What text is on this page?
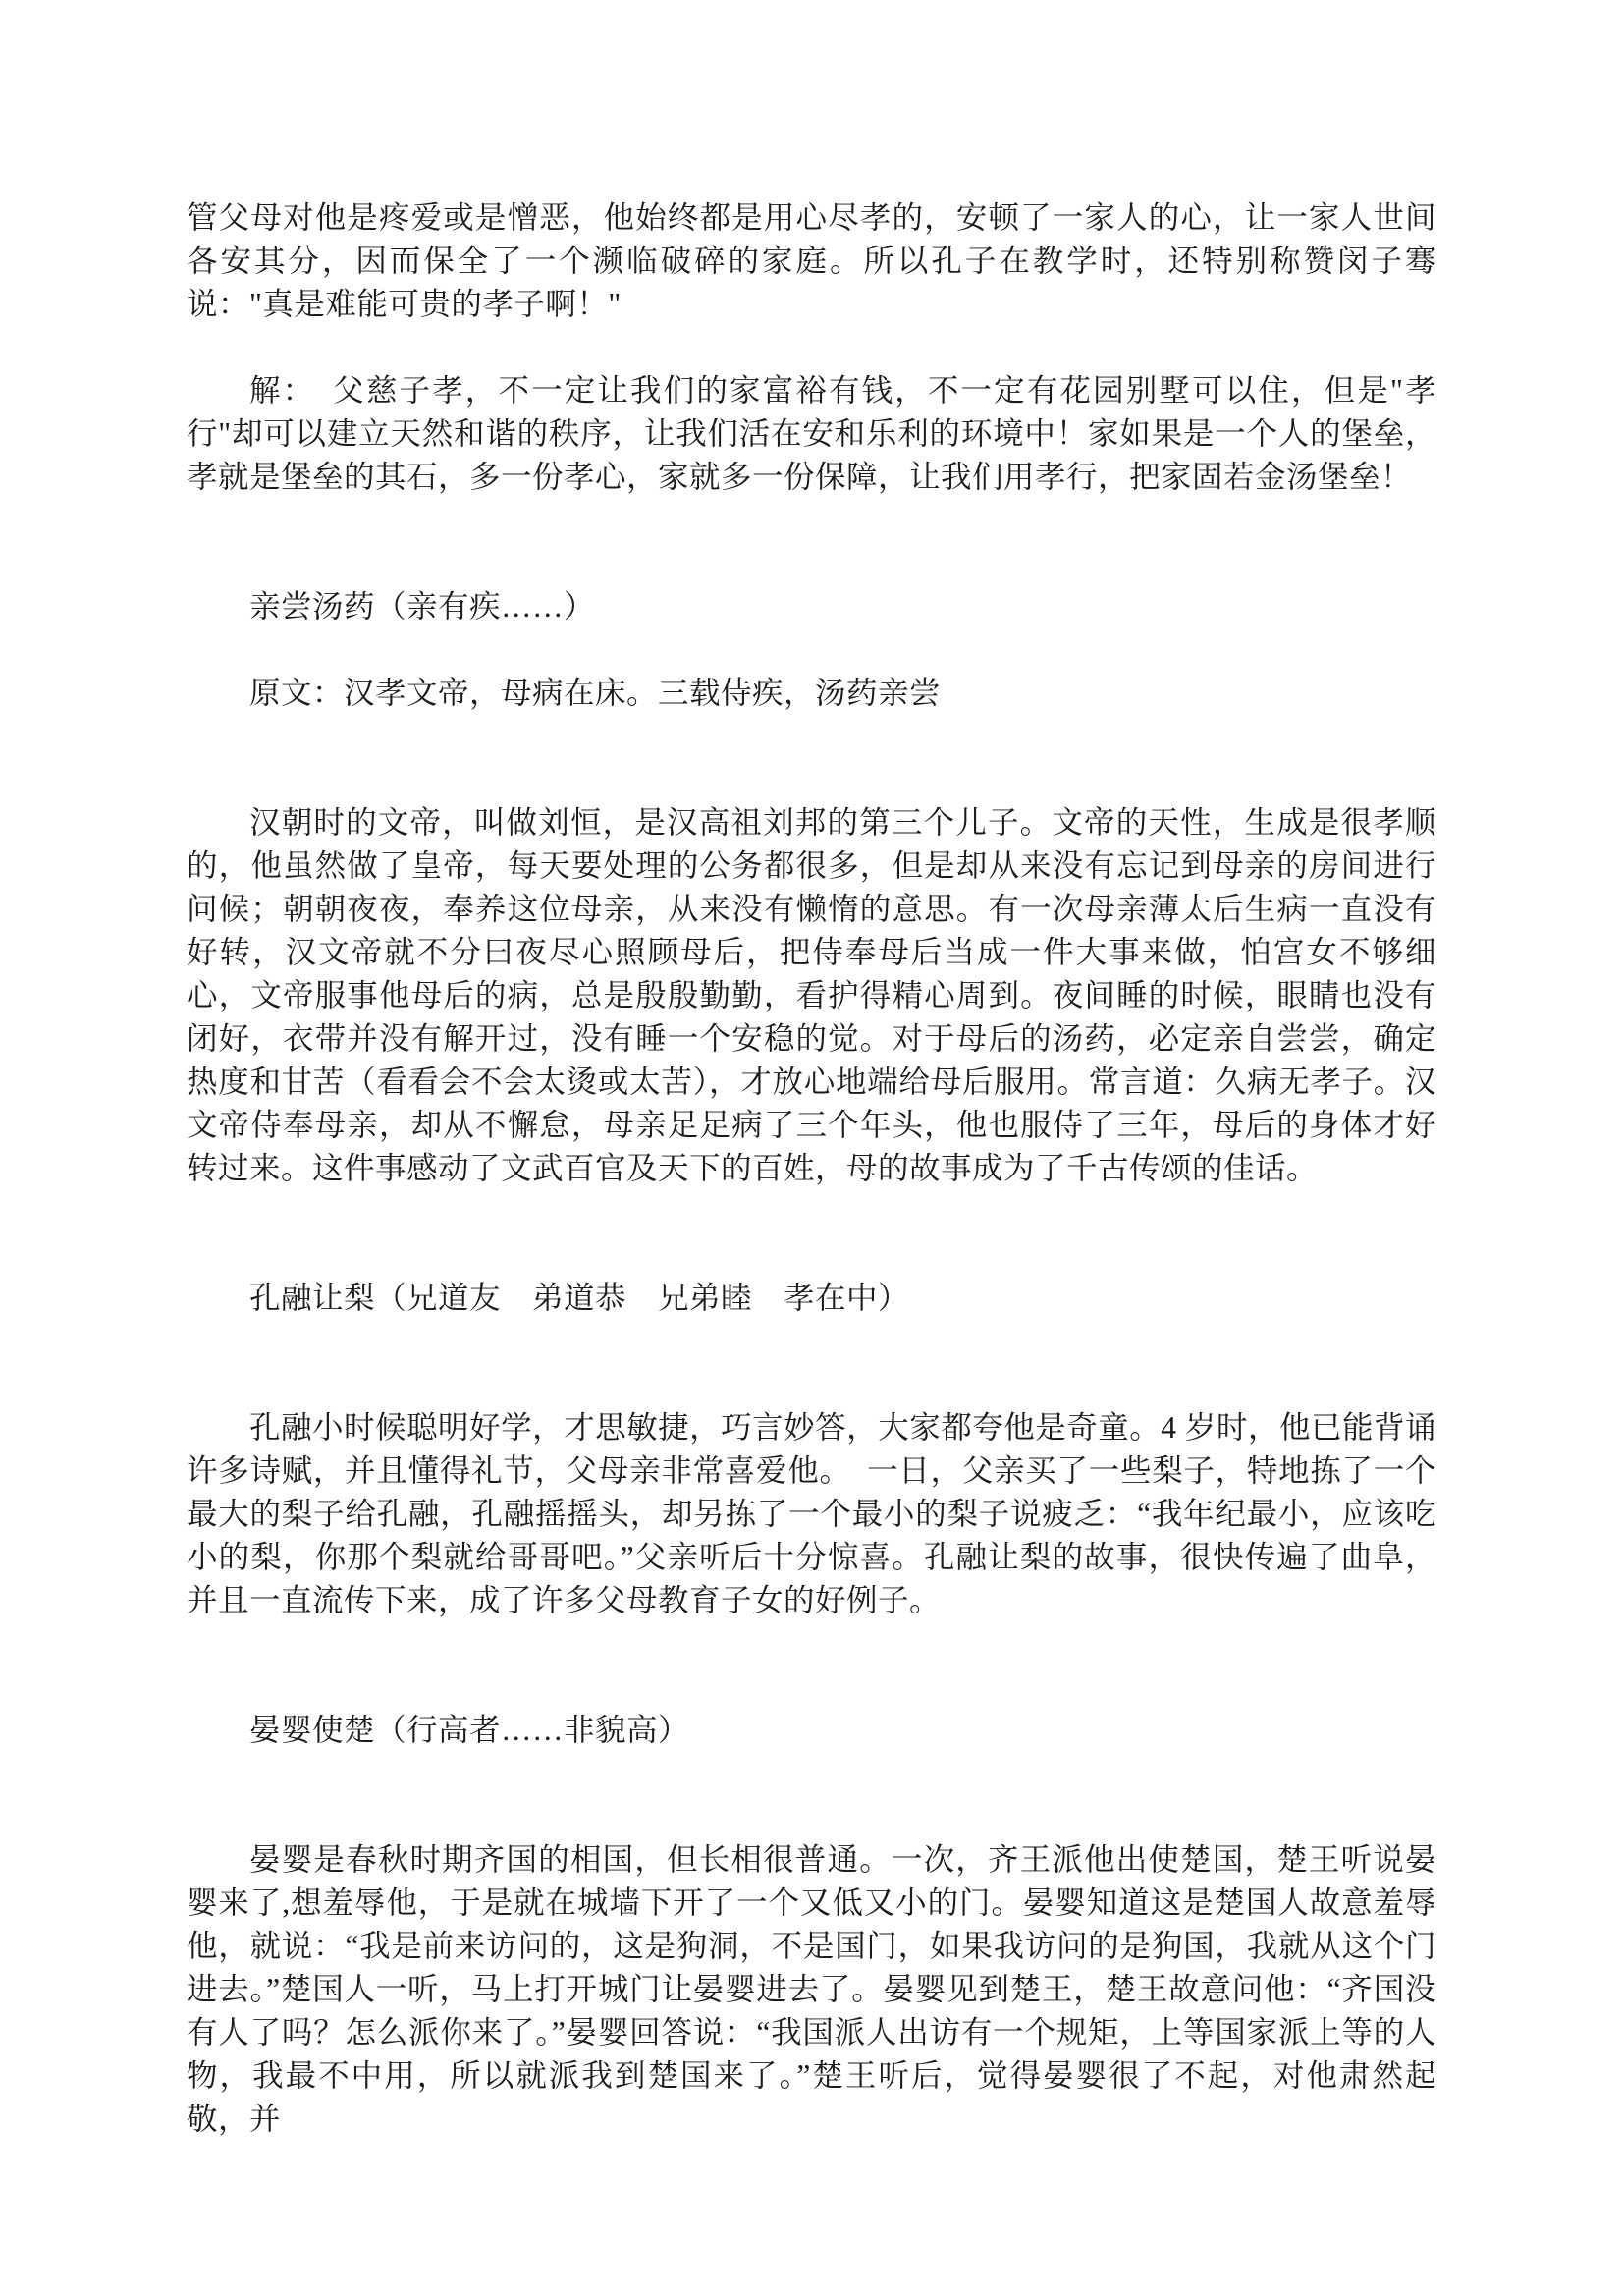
管父母对他是疼爱或是憎恶，他始终都是用心尽孝的，安顿了一家人的心，让一家人世间各安其分，因而保全了一个濒临破碎的家庭。所以孔子在教学时，还特别称赞闵子骞说："真是难能可贵的孝子啊！"

解：　父慈子孝，不一定让我们的家富裕有钱，不一定有花园别墅可以住，但是"孝行"却可以建立天然和谐的秩序，让我们活在安和乐利的环境中！家如果是一个人的堡垒，孝就是堡垒的其石，多一份孝心，家就多一份保障，让我们用孝行，把家固若金汤堡垒！

亲尝汤药（亲有疾……）

原文：汉孝文帝，母病在床。三载侍疾，汤药亲尝

汉朝时的文帝，叫做刘恒，是汉高祖刘邦的第三个儿子。文帝的天性，生成是很孝顺的，他虽然做了皇帝，每天要处理的公务都很多，但是却从来没有忘记到母亲的房间进行问候；朝朝夜夜，奉养这位母亲，从来没有懒惰的意思。有一次母亲薄太后生病一直没有好转，汉文帝就不分曰夜尽心照顾母后，把侍奉母后当成一件大事来做，怕宫女不够细心，文帝服事他母后的病，总是殷殷勤勤，看护得精心周到。夜间睡的时候，眼睛也没有闭好，衣带并没有解开过，没有睡一个安稳的觉。对于母后的汤药，必定亲自尝尝，确定热度和甘苦（看看会不会太烫或太苦），才放心地端给母后服用。常言道：久病无孝子。汉文帝侍奉母亲，却从不懈怠，母亲足足病了三个年头，他也服侍了三年，母后的身体才好转过来。这件事感动了文武百官及天下的百姓，母的故事成为了千古传颂的佳话。

孔融让梨（兄道友　弟道恭　兄弟睦　孝在中）

孔融小时候聪明好学，才思敏捷，巧言妙答，大家都夸他是奇童。4 岁时，他已能背诵许多诗赋，并且懂得礼节，父母亲非常喜爱他。　一日，父亲买了一些梨子，特地拣了一个最大的梨子给孔融，孔融摇摇头，却另拣了一个最小的梨子说疲乏：“我年纪最小，应该吃小的梨，你那个梨就给哥哥吧。”父亲听后十分惊喜。孔融让梨的故事，很快传遍了曲阜，并且一直流传下来，成了许多父母教育子女的好例子。

晏婴使楚（行高者……非貌高）

晏婴是春秋时期齐国的相国，但长相很普通。一次，齐王派他出使楚国，楚王听说晏婴来了,想羞辱他，于是就在城墙下开了一个又低又小的门。晏婴知道这是楚国人故意羞辱他，就说：“我是前来访问的，这是狗洞，不是国门，如果我访问的是狗国，我就从这个门进去。”楚国人一听，马上打开城门让晏婴进去了。晏婴见到楚王，楚王故意问他：“齐国没有人了吗？怎么派你来了。”晏婴回答说：“我国派人出访有一个规矩，上等国家派上等的人物，我最不中用，所以就派我到楚国来了。”楚王听后，觉得晏婴很了不起，对他肃然起敬，并
